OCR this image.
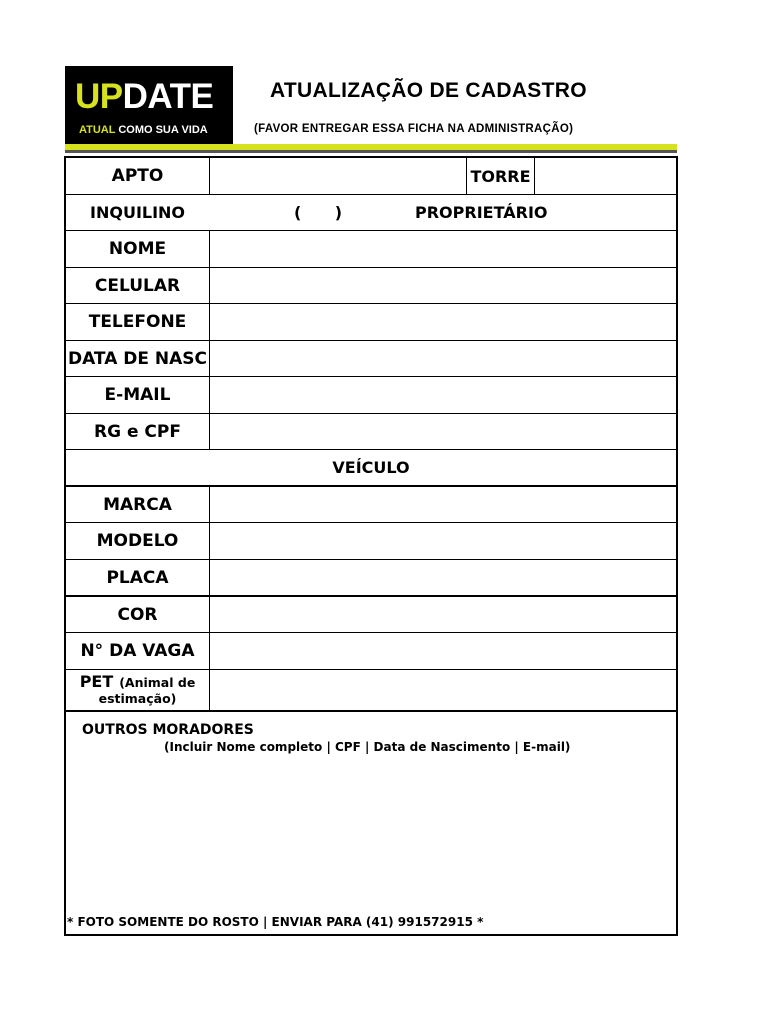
UPDATE
ATUAL COMO SUA VIDA
ATUALIZAÇÃO DE CADASTRO
(FAVOR ENTREGAR ESSA FICHA NA ADMINISTRAÇÃO)
APTO	TORRE
INQUILINO	(      )	PROPRIETÁRIO
NOME
CELULAR
TELEFONE
DATA DE NASC
E-MAIL
RG e CPF
VEÍCULO
MARCA
MODELO
PLACA
COR
N° DA VAGA
PET (Animal de
estimação)
OUTROS MORADORES
(Incluir Nome completo | CPF | Data de Nascimento | E-mail)
* FOTO SOMENTE DO ROSTO | ENVIAR PARA (41) 991572915 *
